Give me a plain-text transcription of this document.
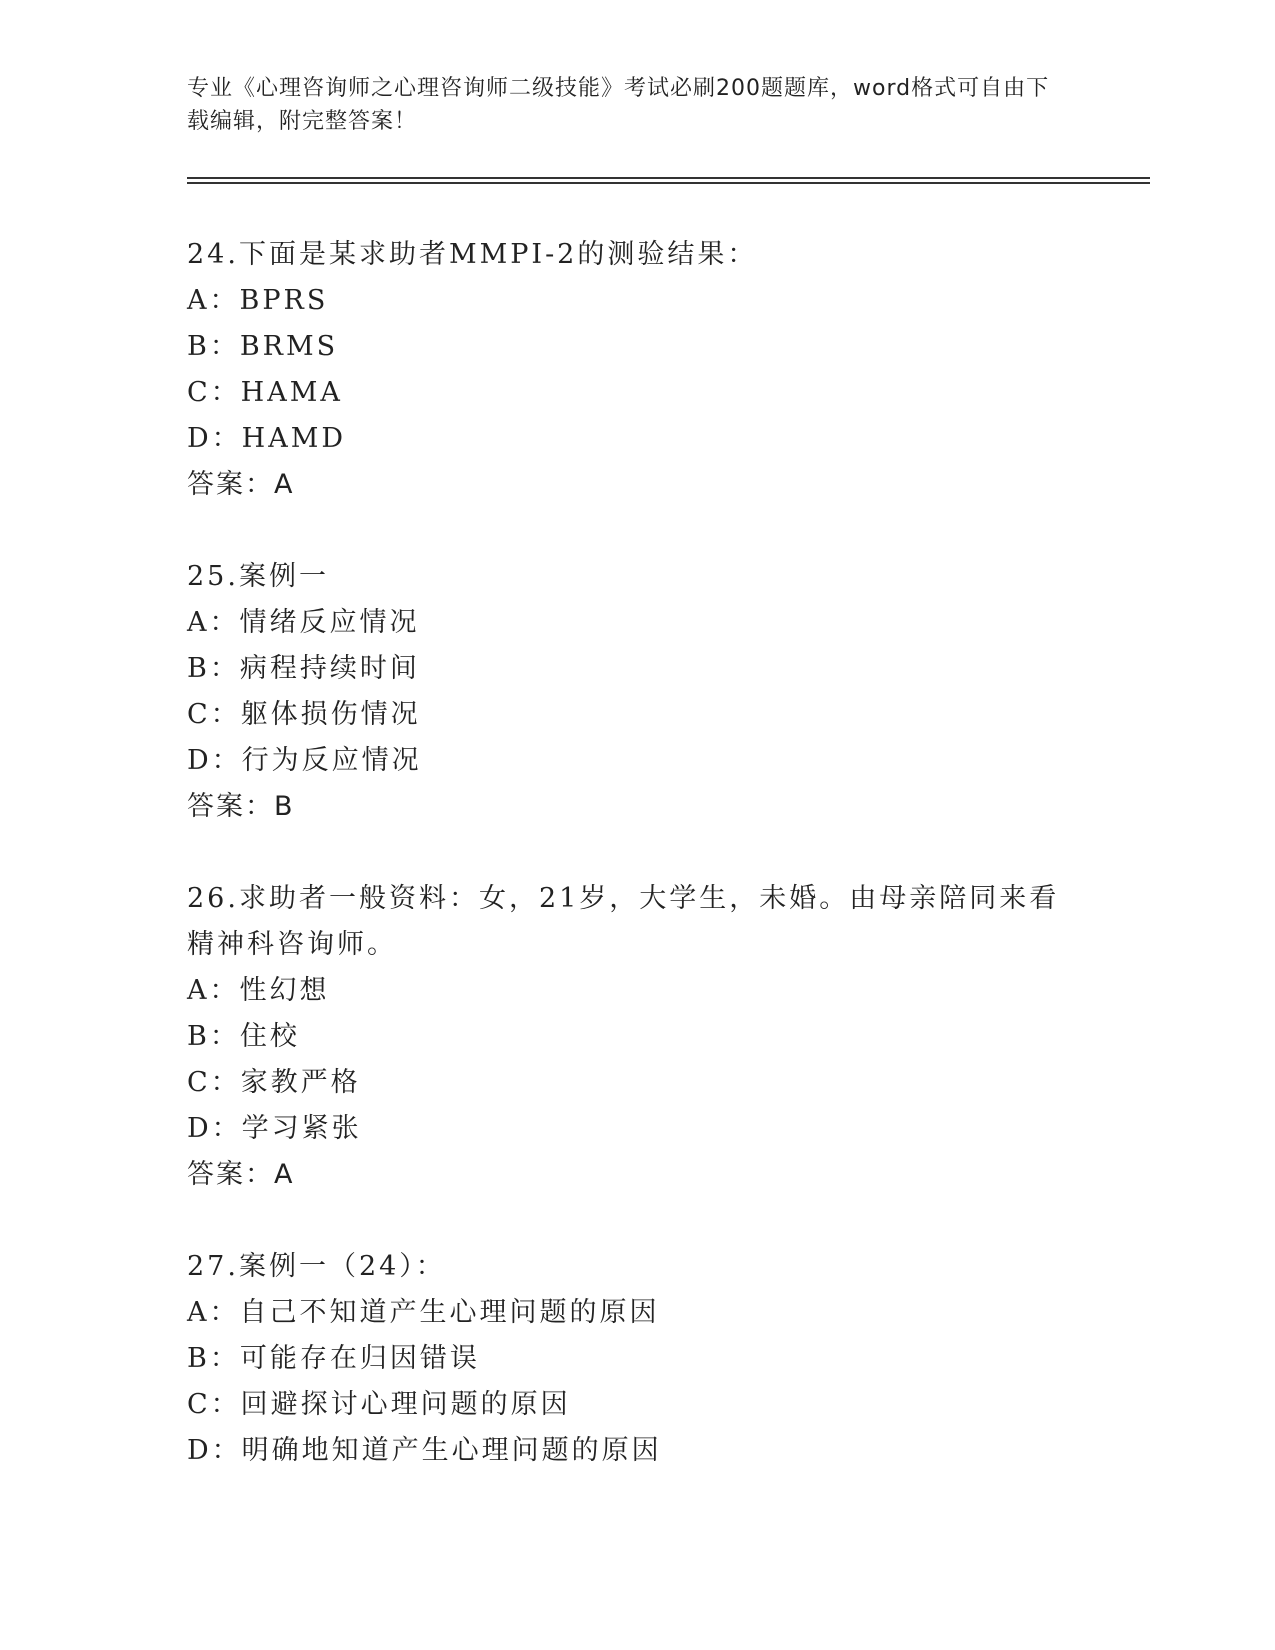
专业《心理咨询师之心理咨询师二级技能》考试必刷200题题库，word格式可自由下载编辑，附完整答案！

24.下面是某求助者MMPI-2的测验结果：

A：BPRS

B：BRMS

C：HAMA

D：HAMD

答案：A

25.案例一

A：情绪反应情况

B：病程持续时间

C：躯体损伤情况

D：行为反应情况

答案：B

26.求助者一般资料：女，21岁，大学生，未婚。由母亲陪同来看精神科咨询师。

A：性幻想

B：住校

C：家教严格

D：学习紧张

答案：A

27.案例一（24）：

A：自己不知道产生心理问题的原因

B：可能存在归因错误

C：回避探讨心理问题的原因

D：明确地知道产生心理问题的原因
